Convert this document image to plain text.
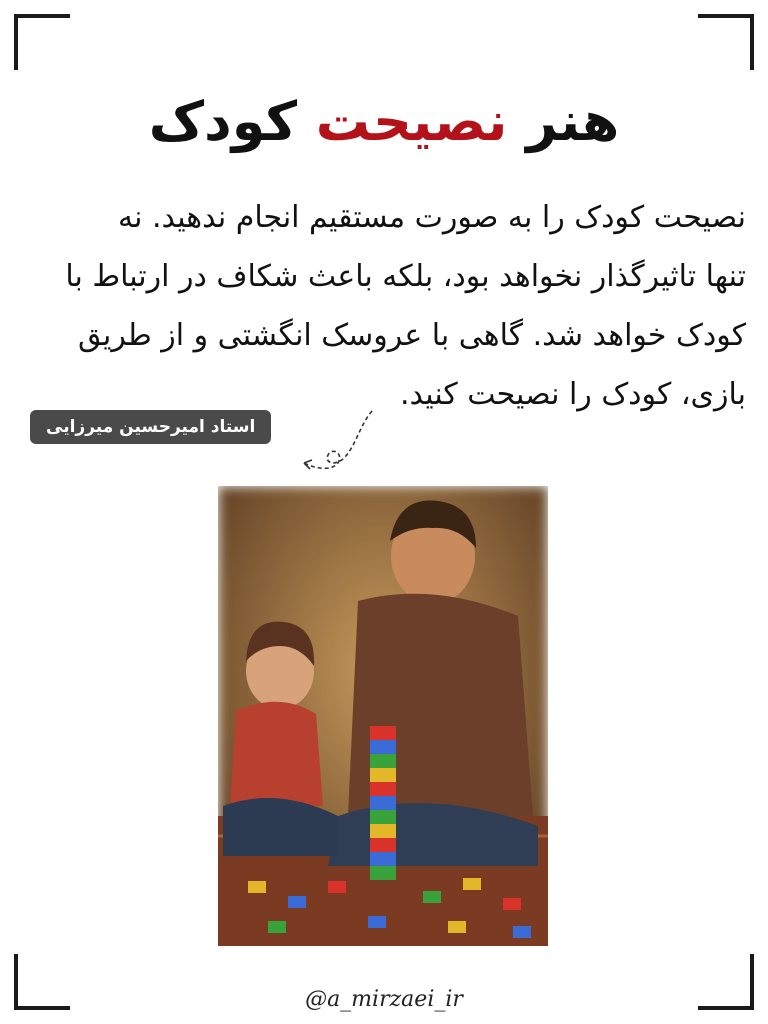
هنر نصیحت کودک
نصیحت کودک را به صورت مستقیم انجام ندهید. نه
تنها تاثیرگذار نخواهد بود، بلکه باعث شکاف در ارتباط با
کودک خواهد شد. گاهی با عروسک انگشتی و از طریق
بازی، کودک را نصیحت کنید.
استاد امیرحسین میرزایی
@a_mirzaei_ir
